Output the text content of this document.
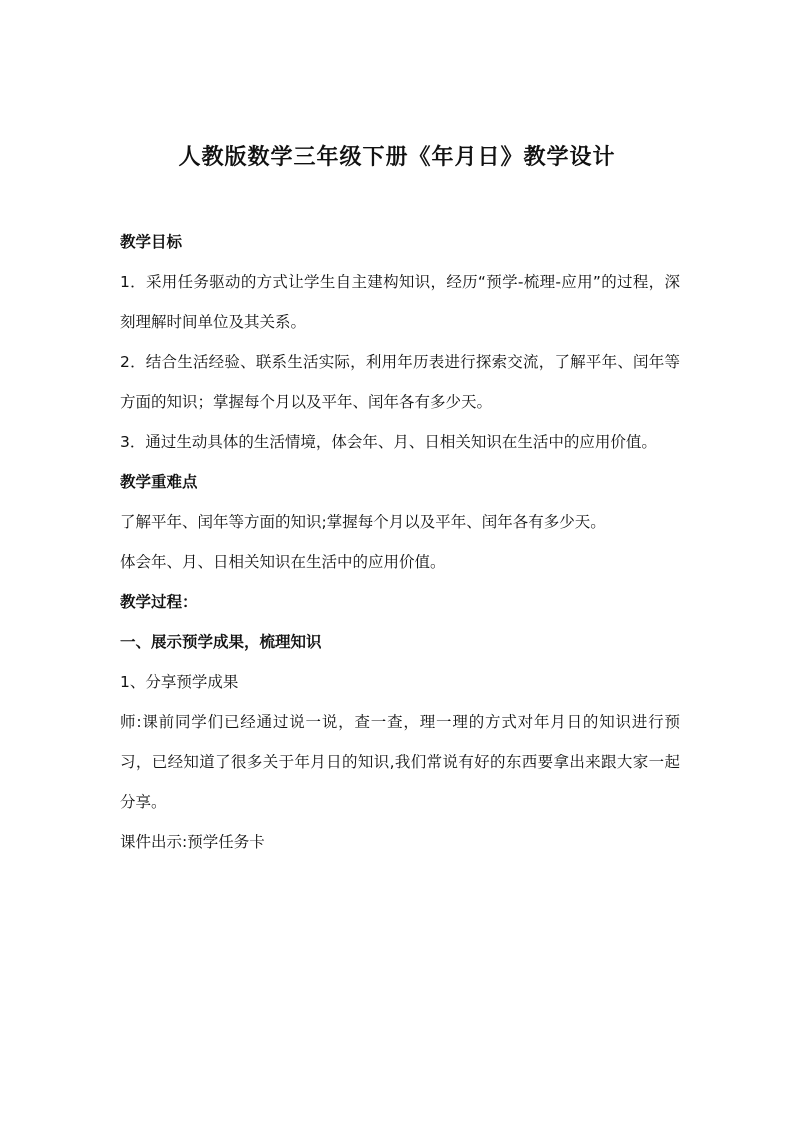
人教版数学三年级下册《年月日》教学设计

教学目标

1．采用任务驱动的方式让学生自主建构知识，经历“预学-梳理-应用”的过程，深刻理解时间单位及其关系。

2．结合生活经验、联系生活实际，利用年历表进行探索交流，了解平年、闰年等方面的知识；掌握每个月以及平年、闰年各有多少天。

3．通过生动具体的生活情境，体会年、月、日相关知识在生活中的应用价值。

教学重难点

了解平年、闰年等方面的知识;掌握每个月以及平年、闰年各有多少天。

体会年、月、日相关知识在生活中的应用价值。

教学过程：

一、展示预学成果，梳理知识

1、分享预学成果

师:课前同学们已经通过说一说，查一查，理一理的方式对年月日的知识进行预习，已经知道了很多关于年月日的知识,我们常说有好的东西要拿出来跟大家一起分享。

课件出示:预学任务卡
